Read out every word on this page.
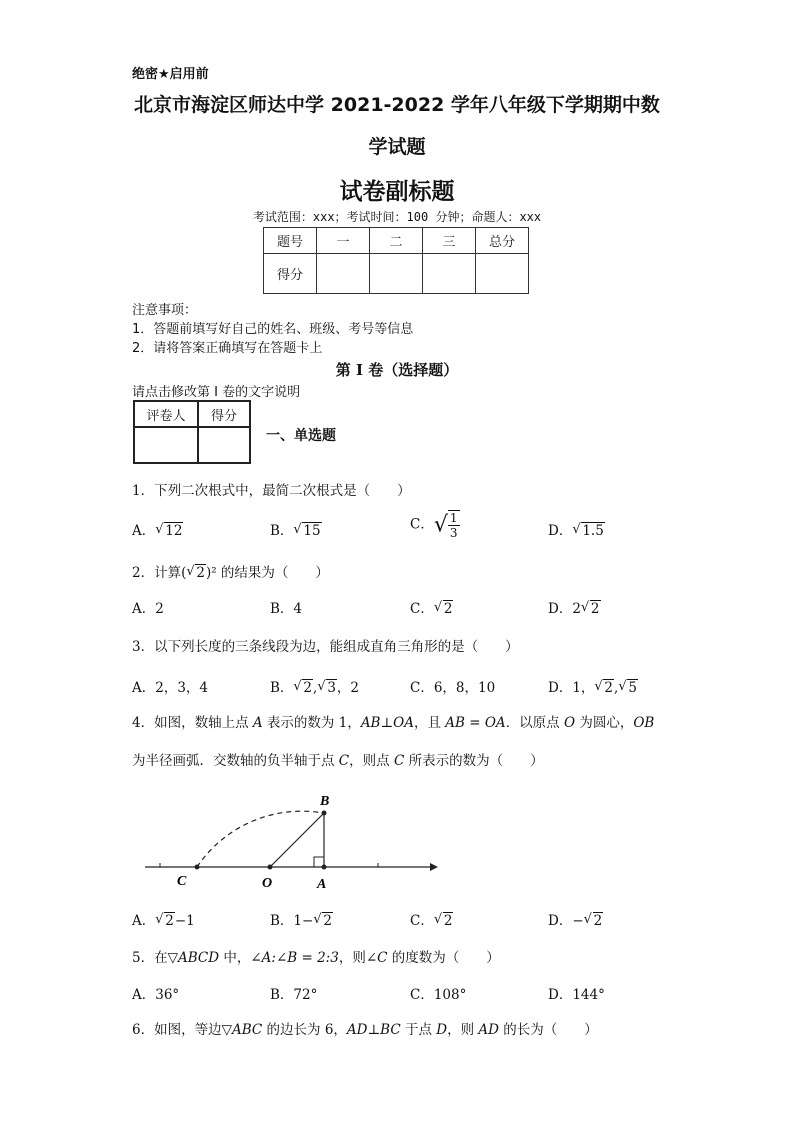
绝密★启用前
北京市海淀区师达中学 2021-2022 学年八年级下学期期中数
学试题
试卷副标题
考试范围：xxx；考试时间：100 分钟；命题人：xxx
题号	一	二	三	总分
得分				
注意事项：
1．答题前填写好自己的姓名、班级、考号等信息
2．请将答案正确填写在答题卡上
第 I 卷（选择题）
请点击修改第 I 卷的文字说明
评卷人	得分

一、单选题
1．下列二次根式中，最简二次根式是（　　）
A． √ 12	B． √ 15	C．√ $\frac{1}{3}$	D． √ 1.5
2．计算( √ 2)² 的结果为（　　）
A．2	B．4	C． √ 2	D．2 √ 2
3．以下列长度的三条线段为边，能组成直角三角形的是（　　）
A．2，3，4	B． √ 2, √ 3，2	C．6，8，10	D．1， √ 2, √ 5
4．如图，数轴上点 A 表示的数为 1，AB⊥OA，且 AB = OA．以原点 O 为圆心，OB
为半径画弧．交数轴的负半轴于点 C，则点 C 所表示的数为（　　）
B
C	O	A
A． √ 2−1	B．1− √ 2	C． √ 2	D．− √ 2
5．在▽ABCD 中，∠A:∠B = 2:3，则∠C 的度数为（　　）
A．36°	B．72°	C．108°	D．144°
6．如图，等边▽ABC 的边长为 6，AD⊥BC 于点 D，则 AD 的长为（　　）
